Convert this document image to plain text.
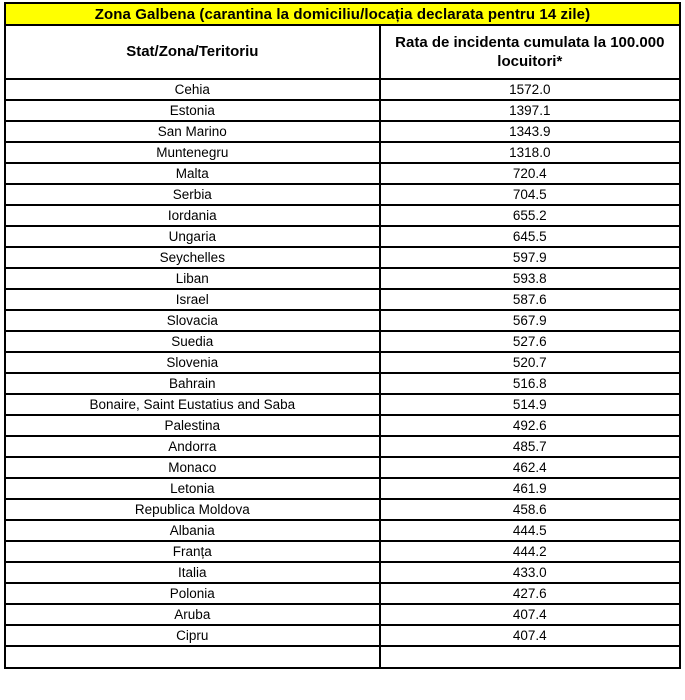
Zona Galbena (carantina la domiciliu/locația declarata pentru 14 zile)	
Stat/Zona/Teritoriu	Rata de incidenta cumulata la 100.000 locuitori*
Cehia	1572.0
Estonia	1397.1
San Marino	1343.9
Muntenegru	1318.0
Malta	720.4
Serbia	704.5
Iordania	655.2
Ungaria	645.5
Seychelles	597.9
Liban	593.8
Israel	587.6
Slovacia	567.9
Suedia	527.6
Slovenia	520.7
Bahrain	516.8
Bonaire, Saint Eustatius and Saba	514.9
Palestina	492.6
Andorra	485.7
Monaco	462.4
Letonia	461.9
Republica Moldova	458.6
Albania	444.5
Franța	444.2
Italia	433.0
Polonia	427.6
Aruba	407.4
Cipru	407.4
